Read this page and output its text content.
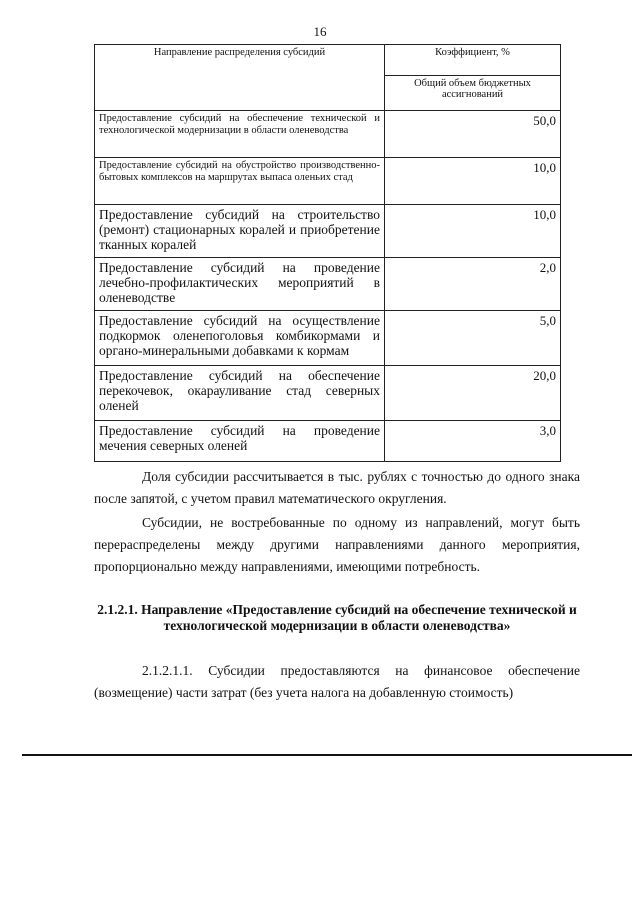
16
Направление распределения субсидий	Коэффициент, %
	Общий объем бюджетных ассигнований
Предоставление субсидий на обеспечение технической и технологической модернизации в области оленеводства	50,0
Предоставление субсидий на обустройство производственно-бытовых комплексов на маршрутах выпаса оленьих стад	10,0
Предоставление субсидий на строительство (ремонт) стационарных коралей и приобретение тканных коралей	10,0
Предоставление субсидий на проведение лечебно-профилактических мероприятий в оленеводстве	2,0
Предоставление субсидий на осуществление подкормок оленепоголовья комбикормами и органо-минеральными добавками к кормам	5,0
Предоставление субсидий на обеспечение перекочевок, окарауливание стад северных оленей	20,0
Предоставление субсидий на проведение мечения северных оленей	3,0

Доля субсидии рассчитывается в тыс. рублях с точностью до одного знака после запятой, с учетом правил математического округления.

Субсидии, не востребованные по одному из направлений, могут быть перераспределены между другими направлениями данного мероприятия, пропорционально между направлениями, имеющими потребность.

2.1.2.1. Направление «Предоставление субсидий на обеспечение технической и технологической модернизации в области оленеводства»

2.1.2.1.1. Субсидии предоставляются на финансовое обеспечение (возмещение) части затрат (без учета налога на добавленную стоимость)
